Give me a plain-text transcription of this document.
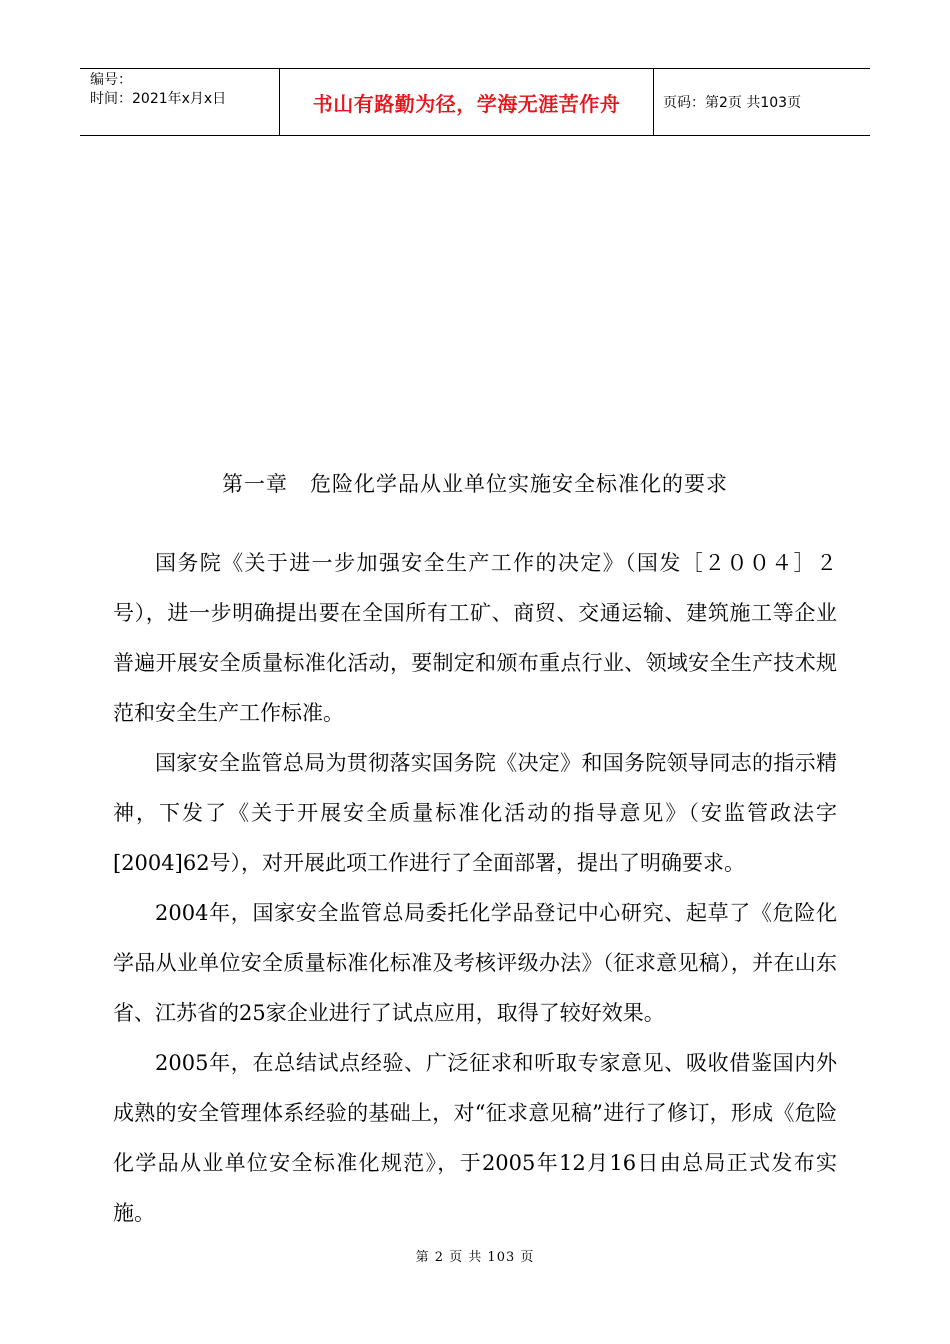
编号：
时间：2021年x月x日	书山有路勤为径，学海无涯苦作舟	页码：第2页 共103页
第一章　危险化学品从业单位实施安全标准化的要求

国务院《关于进一步加强安全生产工作的决定》（国发［２００４］２号），进一步明确提出要在全国所有工矿、商贸、交通运输、建筑施工等企业普遍开展安全质量标准化活动，要制定和颁布重点行业、领域安全生产技术规范和安全生产工作标准。

国家安全监管总局为贯彻落实国务院《决定》和国务院领导同志的指示精神，下发了《关于开展安全质量标准化活动的指导意见》（安监管政法字[2004]62号），对开展此项工作进行了全面部署，提出了明确要求。

2004年，国家安全监管总局委托化学品登记中心研究、起草了《危险化学品从业单位安全质量标准化标准及考核评级办法》（征求意见稿），并在山东省、江苏省的25家企业进行了试点应用，取得了较好效果。

2005年，在总结试点经验、广泛征求和听取专家意见、吸收借鉴国内外成熟的安全管理体系经验的基础上，对“征求意见稿”进行了修订，形成《危险化学品从业单位安全标准化规范》，于2005年12月16日由总局正式发布实施。

第 2 页 共 103 页
